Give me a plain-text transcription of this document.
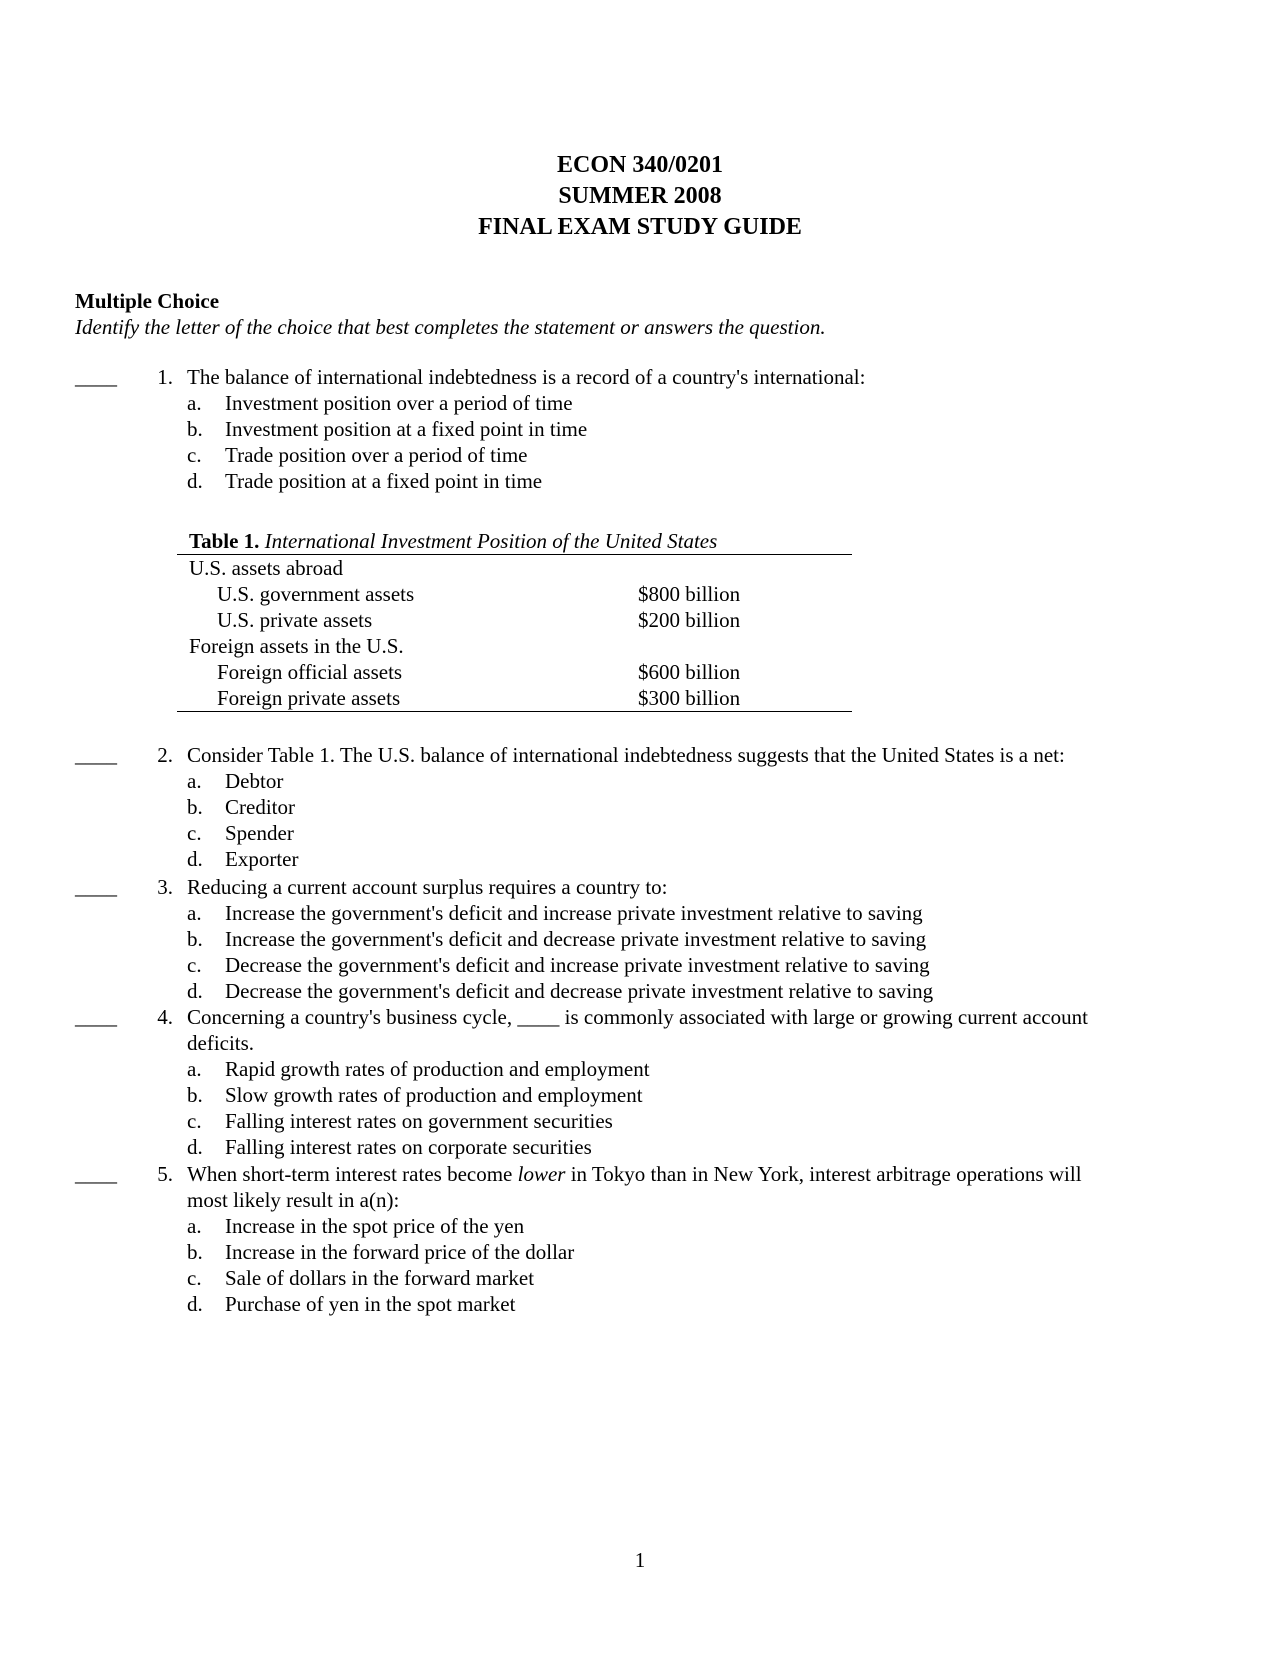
ECON 340/0201
SUMMER 2008
FINAL EXAM STUDY GUIDE
Multiple Choice
Identify the letter of the choice that best completes the statement or answers the question.
____	1. The balance of international indebtedness is a record of a country's international:
a.	Investment position over a period of time
b.	Investment position at a fixed point in time
c.	Trade position over a period of time
d.	Trade position at a fixed point in time
Table 1. International Investment Position of the United States
U.S. assets abroad
U.S. government assets	$800 billion
U.S. private assets	$200 billion
Foreign assets in the U.S.
Foreign official assets	$600 billion
Foreign private assets	$300 billion
____	2. Consider Table 1. The U.S. balance of international indebtedness suggests that the United States is a net:
a.	Debtor
b.	Creditor
c.	Spender
d.	Exporter
____	3. Reducing a current account surplus requires a country to:
a.	Increase the government's deficit and increase private investment relative to saving
b.	Increase the government's deficit and decrease private investment relative to saving
c.	Decrease the government's deficit and increase private investment relative to saving
d.	Decrease the government's deficit and decrease private investment relative to saving
____	4. Concerning a country's business cycle, ____ is commonly associated with large or growing current account
deficits.
a.	Rapid growth rates of production and employment
b.	Slow growth rates of production and employment
c.	Falling interest rates on government securities
d.	Falling interest rates on corporate securities
____	5. When short-term interest rates become lower in Tokyo than in New York, interest arbitrage operations will
most likely result in a(n):
a.	Increase in the spot price of the yen
b.	Increase in the forward price of the dollar
c.	Sale of dollars in the forward market
d.	Purchase of yen in the spot market
1
